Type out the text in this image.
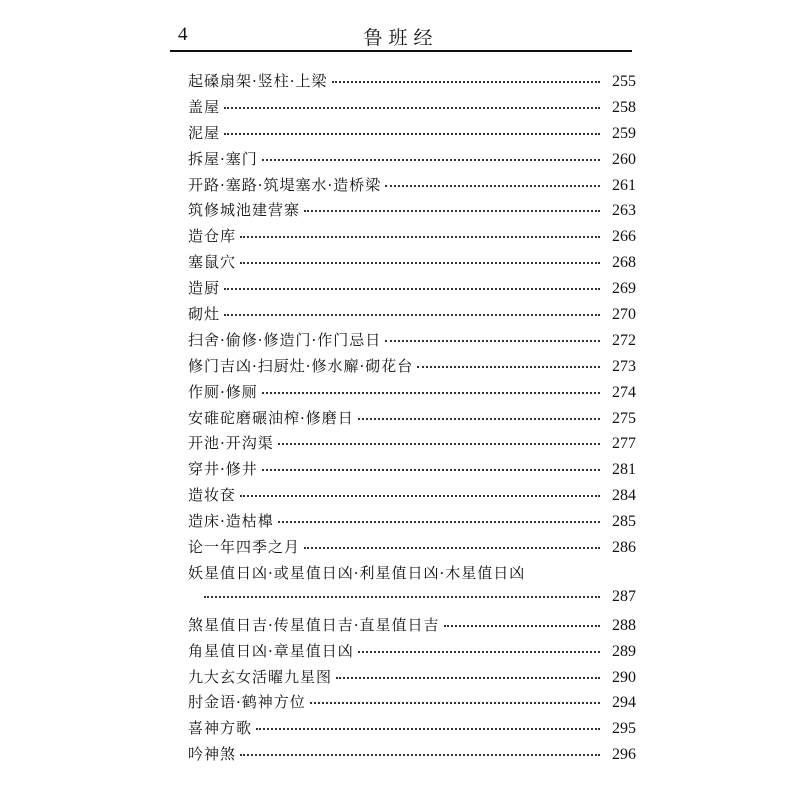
4	鲁班经
起磉扇架·竖柱·上梁	255
盖屋	258
泥屋	259
拆屋·塞门	260
开路·塞路·筑堤塞水·造桥梁	261
筑修城池建营寨	263
造仓库	266
塞鼠穴	268
造厨	269
砌灶	270
扫舍·偷修·修造门·作门忌日	272
修门吉凶·扫厨灶·修水廨·砌花台	273
作厕·修厕	274
安碓砣磨碾油榨·修磨日	275
开池·开沟渠	277
穿井·修井	281
造妆奁	284
造床·造枯橰	285
论一年四季之月	286
妖星值日凶·或星值日凶·利星值日凶·木星值日凶
287
煞星值日吉·传星值日吉·直星值日吉	288
角星值日凶·章星值日凶	289
九大玄女活曜九星图	290
肘金语·鹤神方位	294
喜神方歌	295
吟神煞	296
